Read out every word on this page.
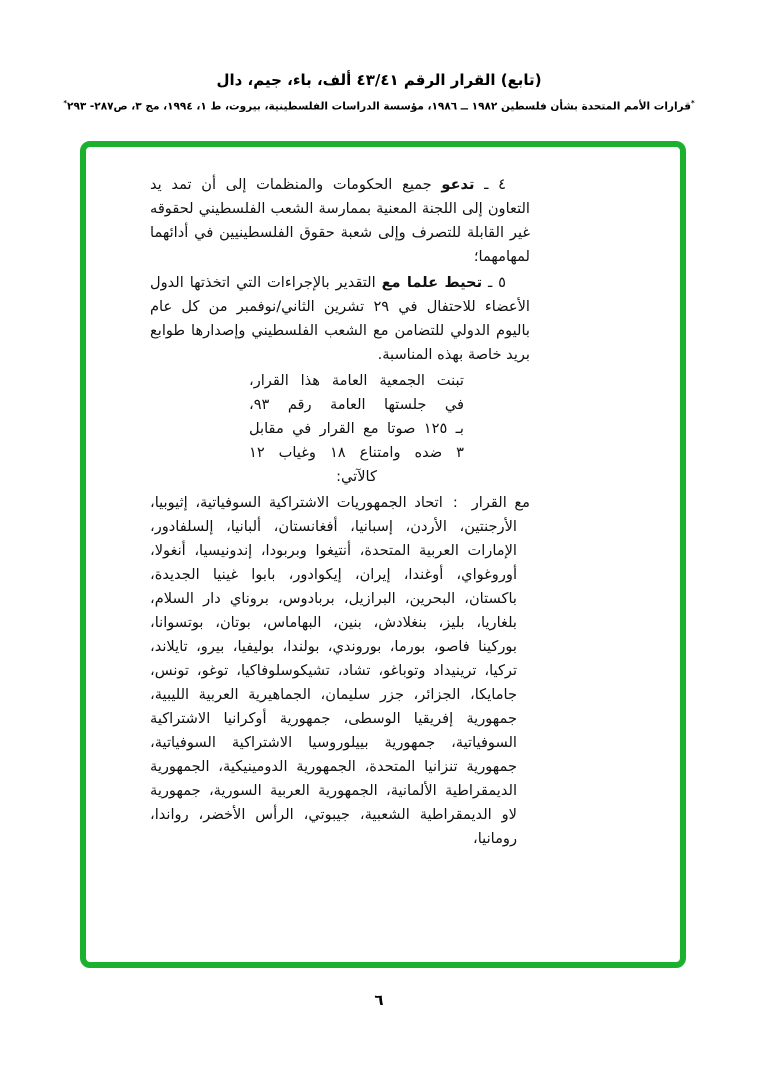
(تابع) القرار الرقم ٤٣/٤١ ألف، باء، جيم، دال
*قرارات الأمم المتحدة بشأن فلسطين ١٩٨٢ ــ ١٩٨٦، مؤسسة الدراسات الفلسطينية، بيروت، ط ١، ١٩٩٤، مج ٣، ص٢٨٧- ٢٩٣*

٤ ـ تدعو جميع الحكومات والمنظمات إلى أن تمد يد التعاون إلى اللجنة المعنية بممارسة الشعب الفلسطيني لحقوقه غير القابلة للتصرف وإلى شعبة حقوق الفلسطينيين في أدائهما لمهامهما؛

٥ ـ تحيط علما مع التقدير بالإجراءات التي اتخذتها الدول الأعضاء للاحتفال في ٢٩ تشرين الثاني/نوفمبر من كل عام باليوم الدولي للتضامن مع الشعب الفلسطيني وإصدارها طوابع بريد خاصة بهذه المناسبة.

تبنت الجمعية العامة هذا القرار،
في جلستها العامة رقم ٩٣،
بـ ١٢٥ صوتا مع القرار في مقابل
٣ ضده وامتناع ١٨ وغياب ١٢
كالآتي:

مع القرار:اتحاد الجمهوريات الاشتراكية السوفياتية، إثيوبيا، الأرجنتين، الأردن، إسبانيا، أفغانستان، ألبانيا، إلسلفادور، الإمارات العربية المتحدة، أنتيغوا وبربودا، إندونيسيا، أنغولا، أوروغواي، أوغندا، إيران، إيكوادور، بابوا غينيا الجديدة، باكستان، البحرين، البرازيل، بربادوس، بروناي دار السلام، بلغاريا، بليز، بنغلادش، بنين، البهاماس، بوتان، بوتسوانا، بوركينا فاصو، بورما، بوروندي، بولندا، بوليفيا، بيرو، تايلاند، تركيا، ترينيداد وتوباغو، تشاد، تشيكوسلوفاكيا، توغو، تونس، جامايكا، الجزائر، جزر سليمان، الجماهيرية العربية الليبية، جمهورية إفريقيا الوسطى، جمهورية أوكرانيا الاشتراكية السوفياتية، جمهورية بييلوروسيا الاشتراكية السوفياتية، جمهورية تنزانيا المتحدة، الجمهورية الدومينيكية، الجمهورية الديمقراطية الألمانية، الجمهورية العربية السورية، جمهورية لاو الديمقراطية الشعبية، جيبوتي، الرأس الأخضر، رواندا، رومانيا،

٦
